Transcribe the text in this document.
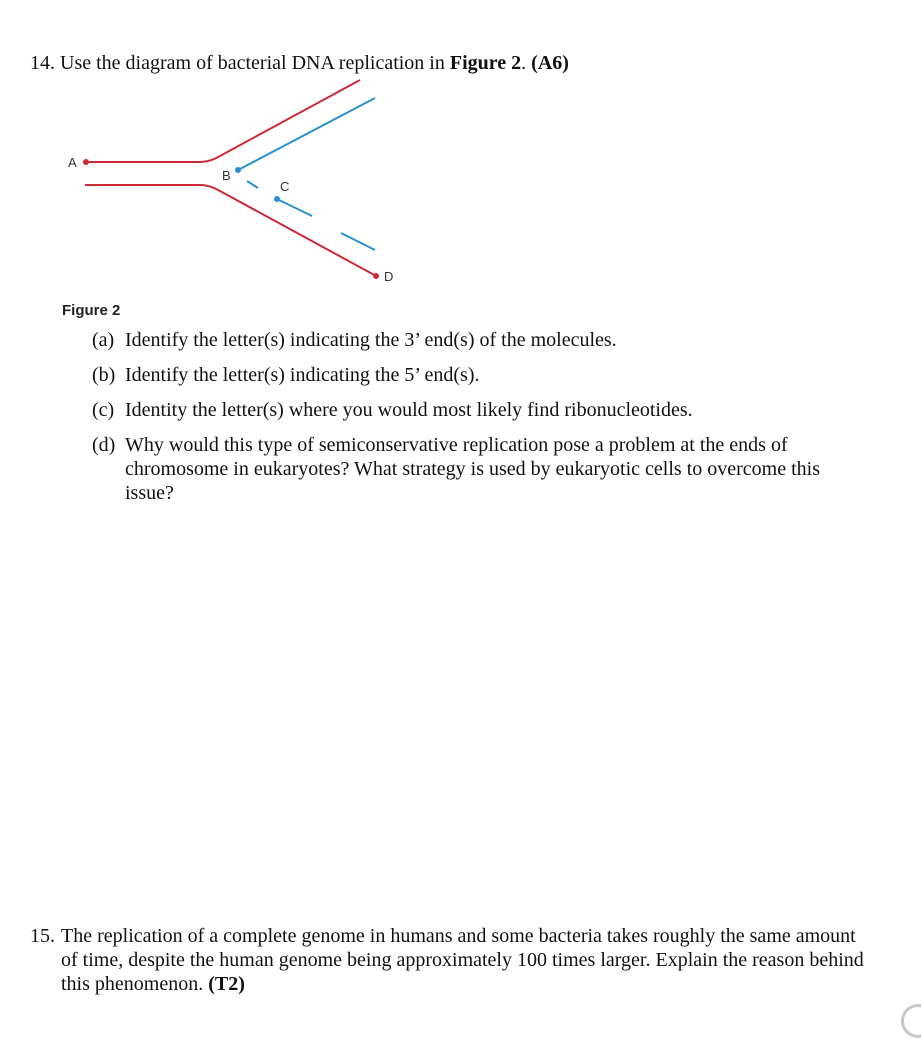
14. Use the diagram of bacterial DNA replication in Figure 2. (A6)
A
B
C
D
Figure 2
(a) Identify the letter(s) indicating the 3’ end(s) of the molecules.
(b) Identify the letter(s) indicating the 5’ end(s).
(c) Identity the letter(s) where you would most likely find ribonucleotides.
(d) Why would this type of semiconservative replication pose a problem at the ends of chromosome in eukaryotes? What strategy is used by eukaryotic cells to overcome this issue?
15. The replication of a complete genome in humans and some bacteria takes roughly the same amount of time, despite the human genome being approximately 100 times larger. Explain the reason behind this phenomenon. (T2)
